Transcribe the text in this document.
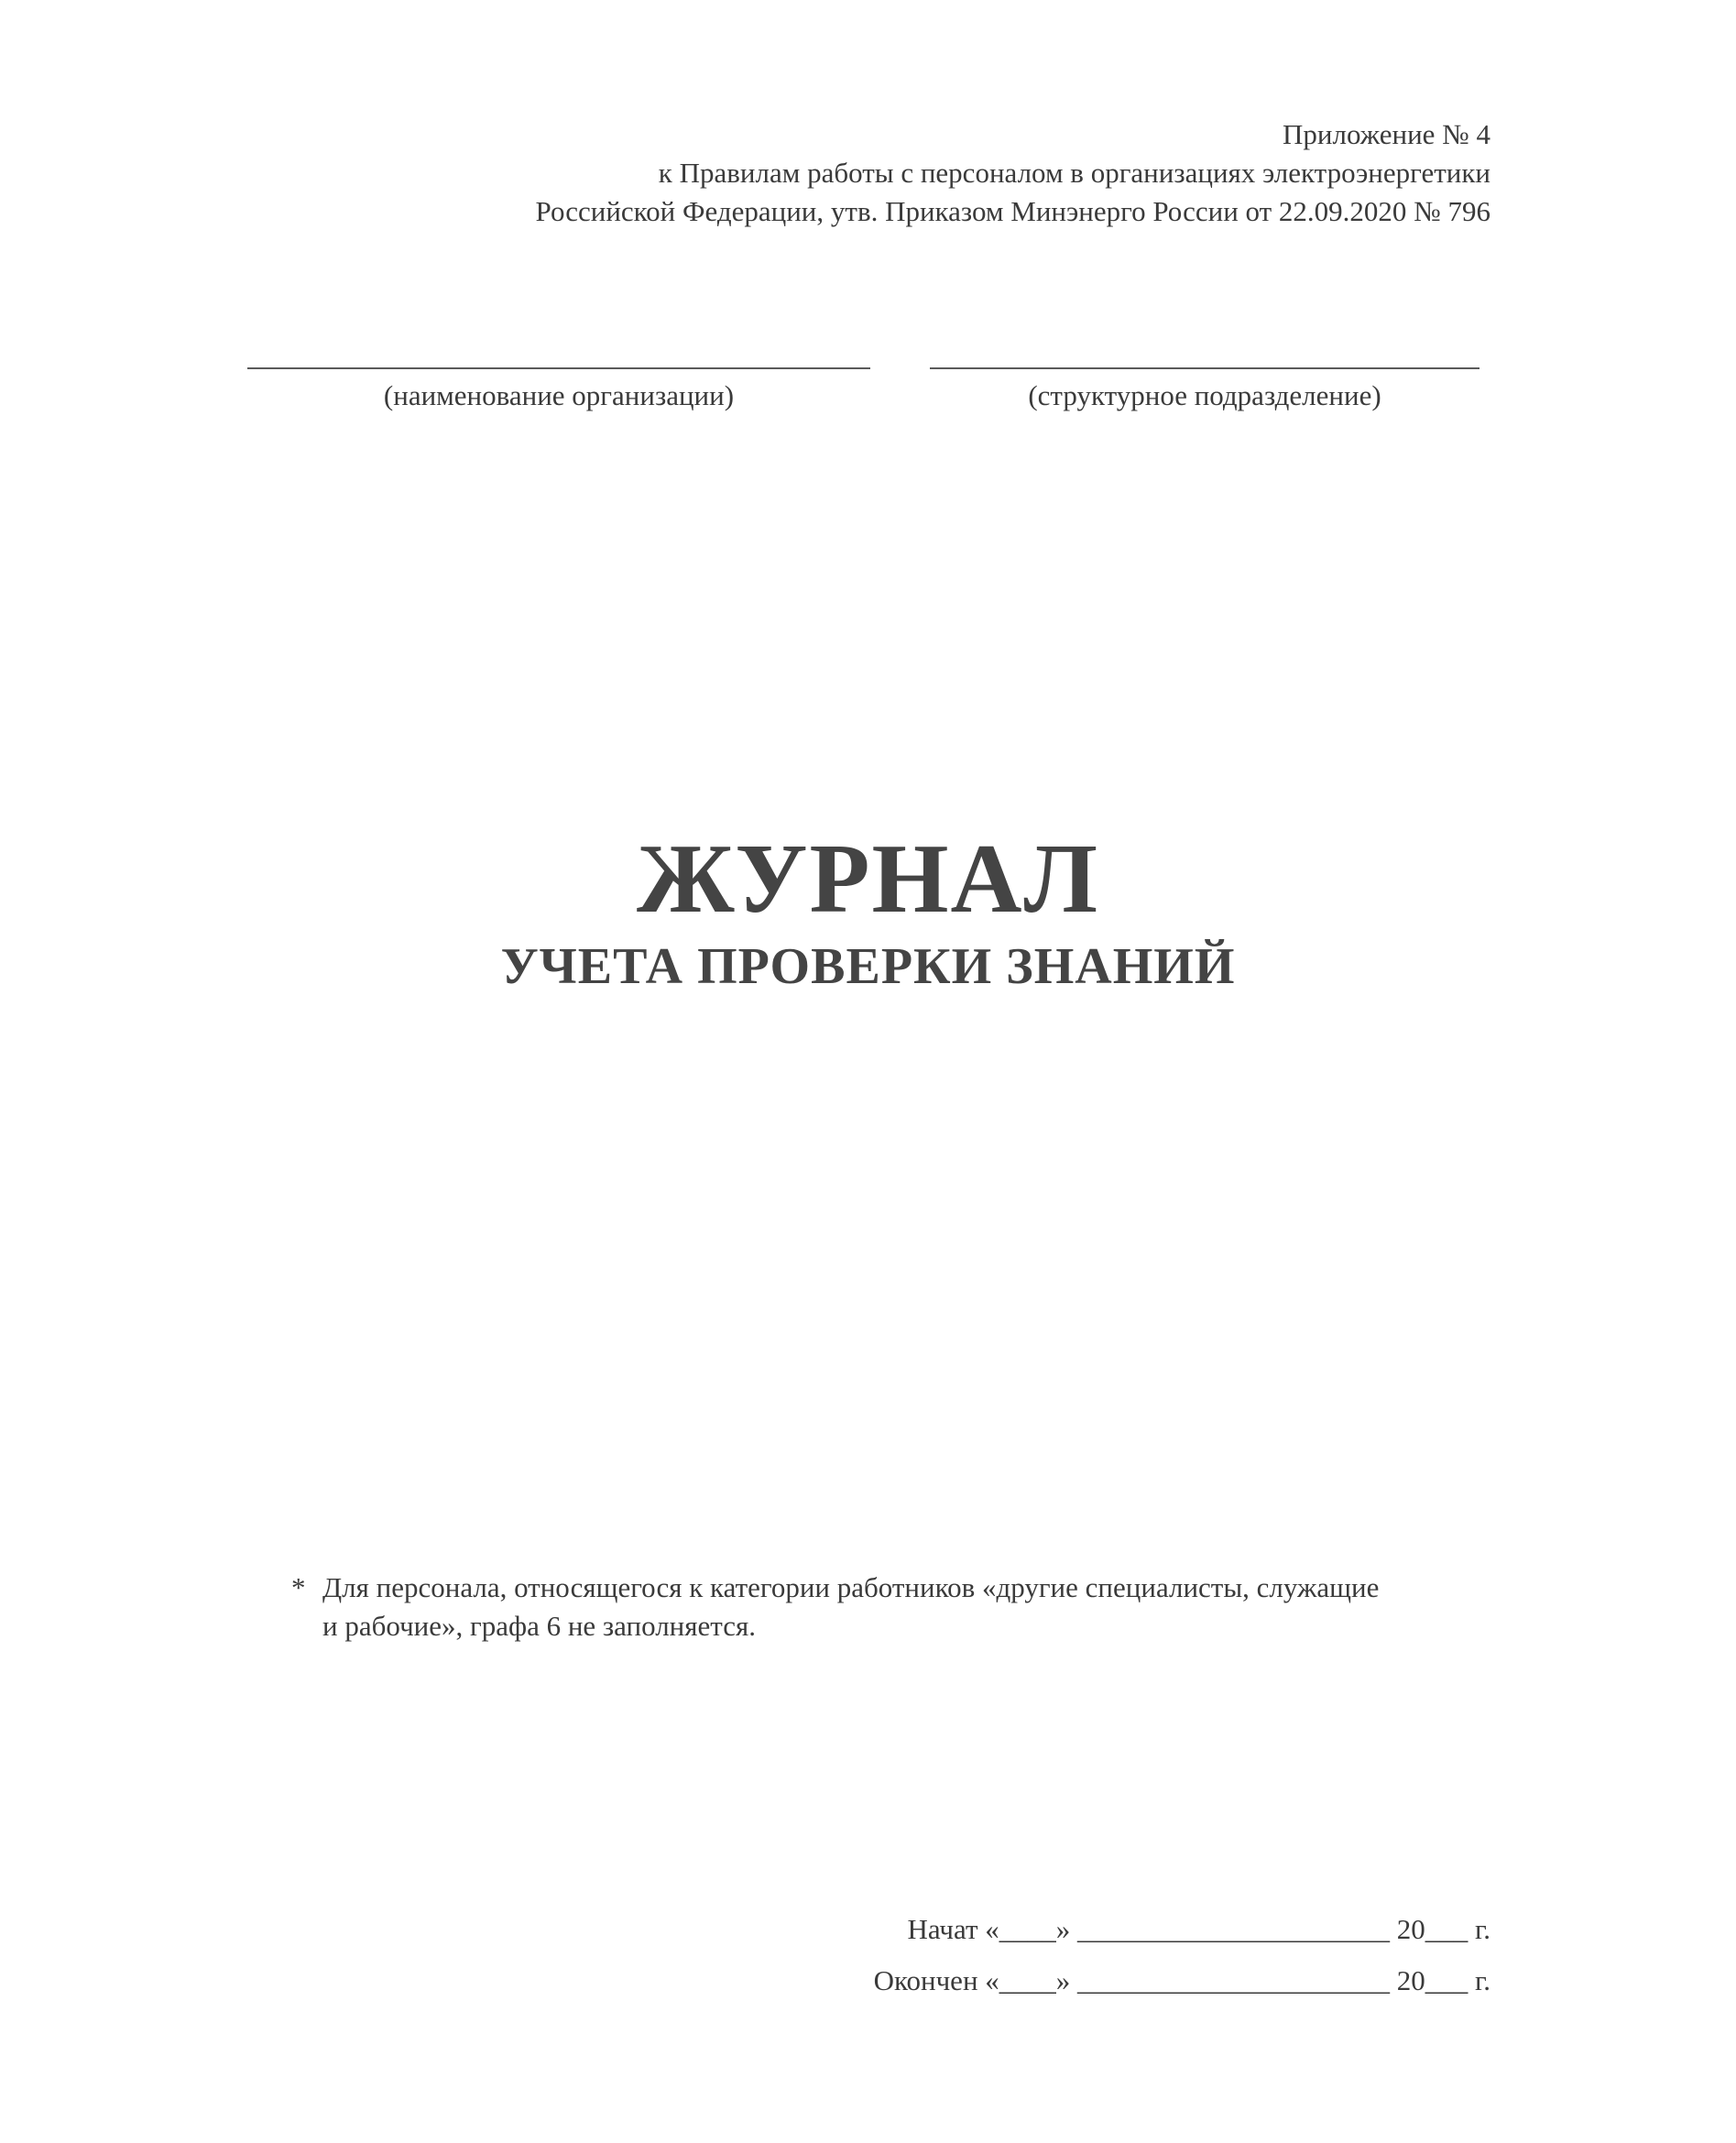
Приложение № 4
к Правилам работы с персоналом в организациях электроэнергетики
Российской Федерации, утв. Приказом Минэнерго России от 22.09.2020 № 796
(наименование организации)	(структурное подразделение)
ЖУРНАЛ
УЧЕТА ПРОВЕРКИ ЗНАНИЙ
* Для персонала, относящегося к категории работников «другие специалисты, служащие
и рабочие», графа 6 не заполняется.
Начат «____» ______________________ 20___ г.
Окончен «____» ______________________ 20___ г.
